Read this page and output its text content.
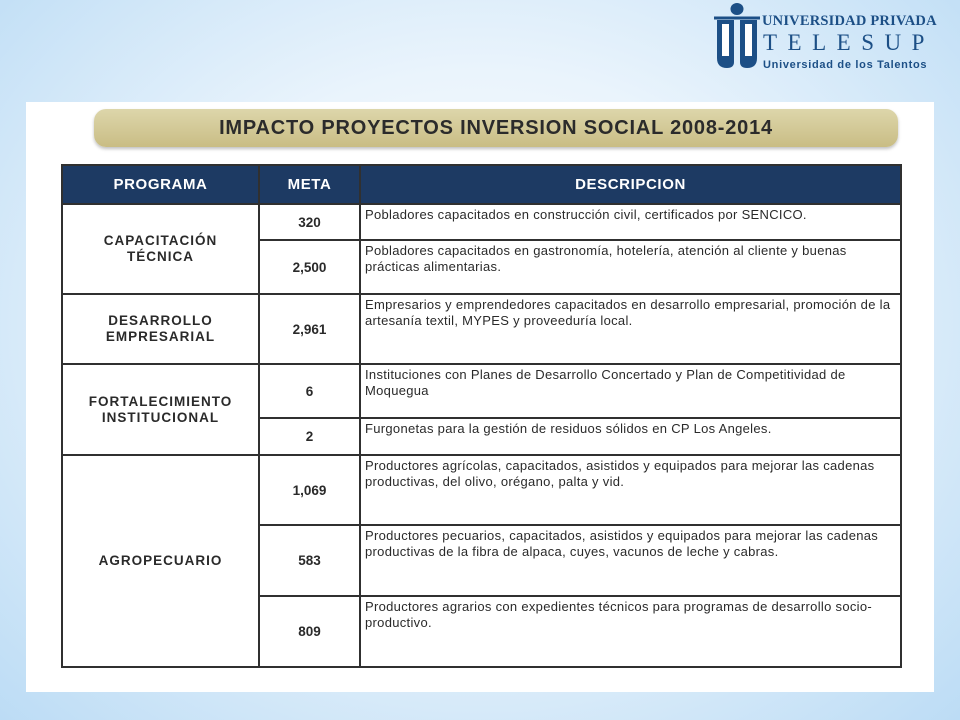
UNIVERSIDAD PRIVADA
TELESUP
Universidad de los Talentos
IMPACTO PROYECTOS INVERSION SOCIAL 2008-2014
PROGRAMA	META	DESCRIPCION

CAPACITACIÓN
TÉCNICA	320	Pobladores capacitados en construcción civil, certificados por SENCICO.
	2,500	Pobladores capacitados en gastronomía, hotelería, atención al cliente y buenas prácticas alimentarias.

DESARROLLO
EMPRESARIAL	2,961	Empresarios y emprendedores capacitados en desarrollo empresarial, promoción de la artesanía textil, MYPES y proveeduría local.

FORTALECIMIENTO
INSTITUCIONAL	6	Instituciones con Planes de Desarrollo Concertado y Plan de Competitividad de Moquegua
	2	Furgonetas para la gestión de residuos sólidos en CP Los Angeles.

AGROPECUARIO	1,069	Productores agrícolas, capacitados, asistidos y equipados para mejorar las cadenas productivas, del olivo, orégano, palta y vid.
	583	Productores pecuarios, capacitados, asistidos y equipados para mejorar las cadenas productivas de la fibra de alpaca, cuyes, vacunos de leche y cabras.
	809	Productores agrarios con expedientes técnicos para programas de desarrollo socio-productivo.
